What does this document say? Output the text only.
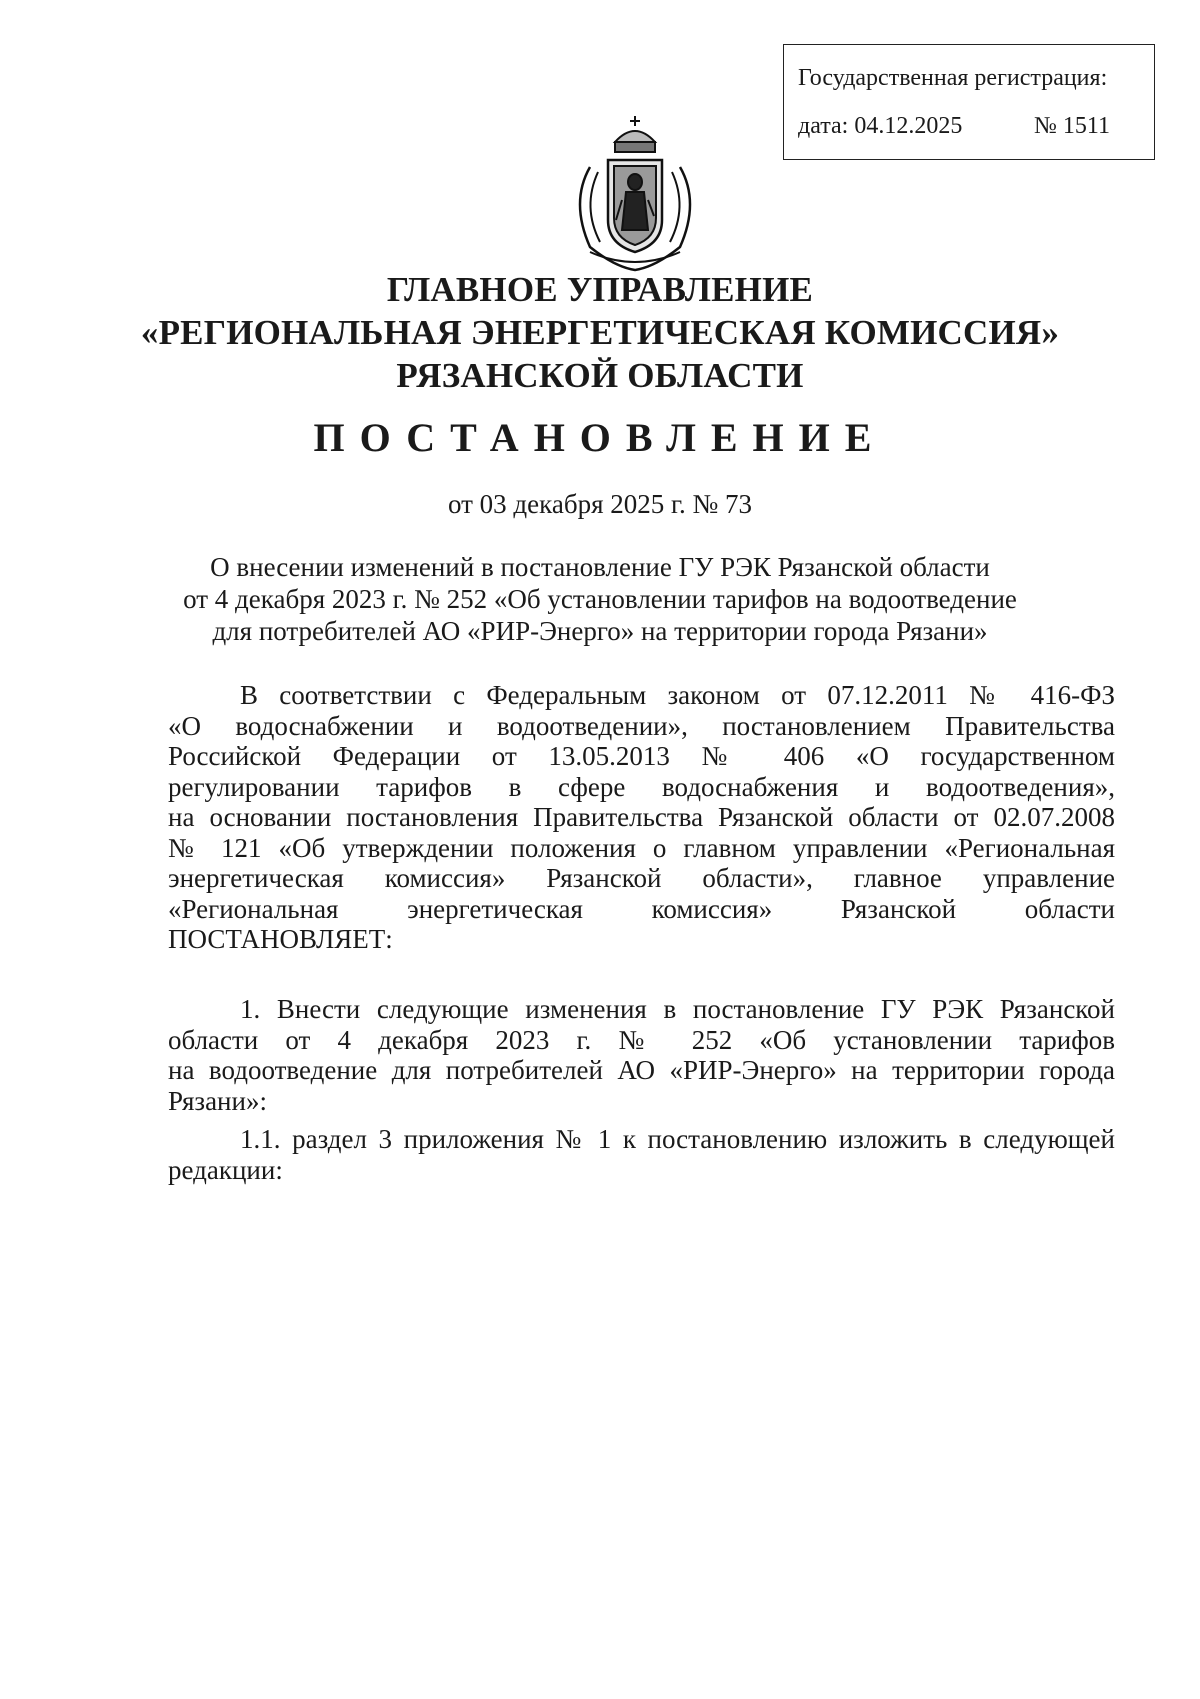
Государственная регистрация:
дата: 04.12.2025	№ 1511
ГЛАВНОЕ УПРАВЛЕНИЕ
«РЕГИОНАЛЬНАЯ ЭНЕРГЕТИЧЕСКАЯ КОМИССИЯ»
РЯЗАНСКОЙ ОБЛАСТИ
ПОСТАНОВЛЕНИЕ
от 03 декабря 2025 г. № 73
О внесении изменений в постановление ГУ РЭК Рязанской области
от 4 декабря 2023 г. № 252 «Об установлении тарифов на водоотведение
для потребителей АО «РИР-Энерго» на территории города Рязани»
В соответствии с Федеральным законом от 07.12.2011 № 416-ФЗ
«О водоснабжении и водоотведении», постановлением Правительства
Российской Федерации от 13.05.2013 № 406 «О государственном
регулировании тарифов в сфере водоснабжения и водоотведения»,
на основании постановления Правительства Рязанской области от 02.07.2008
№ 121 «Об утверждении положения о главном управлении «Региональная
энергетическая комиссия» Рязанской области», главное управление
«Региональная энергетическая комиссия» Рязанской области
ПОСТАНОВЛЯЕТ:
1. Внести следующие изменения в постановление ГУ РЭК Рязанской
области от 4 декабря 2023 г. № 252 «Об установлении тарифов
на водоотведение для потребителей АО «РИР-Энерго» на территории города
Рязани»:
1.1. раздел 3 приложения № 1 к постановлению изложить в следующей
редакции:
